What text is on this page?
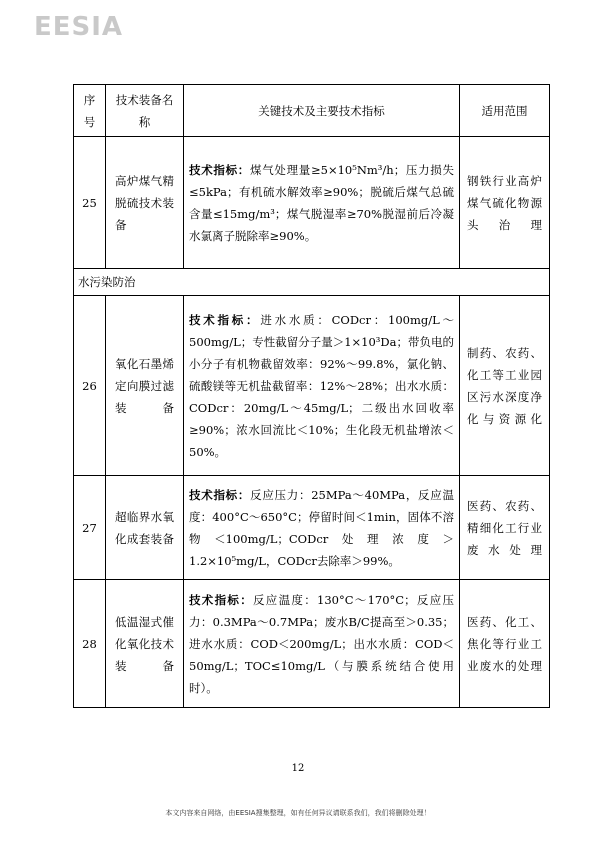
EESIA
序号	技术装备名称	关键技术及主要技术指标	适用范围
25	高炉煤气精脱硫技术装备	技术指标：煤气处理量≥5×10⁵Nm³/h；压力损失≤5kPa；有机硫水解效率≥90%；脱硫后煤气总硫含量≤15mg/m³；煤气脱湿率≥70%脱湿前后冷凝水氯离子脱除率≥90%。	钢铁行业高炉煤气硫化物源头治理
水污染防治			
26	氧化石墨烯定向膜过滤装备	技术指标：进水水质：CODcr：100mg/L～500mg/L；专性截留分子量＞1×10³Da；带负电的小分子有机物截留效率：92%～99.8%，氯化钠、硫酸镁等无机盐截留率：12%～28%；出水水质：CODcr：20mg/L～45mg/L；二级出水回收率≥90%；浓水回流比＜10%；生化段无机盐增浓＜50%。	制药、农药、化工等工业园区污水深度净化与资源化
27	超临界水氧化成套装备	技术指标：反应压力：25MPa～40MPa，反应温度：400°C～650°C；停留时间＜1min，固体不溶物＜100mg/L；CODcr处理浓度＞1.2×10⁵mg/L，CODcr去除率＞99%。	医药、农药、精细化工行业废水处理
28	低温湿式催化氧化技术装备	技术指标：反应温度：130°C～170°C；反应压力：0.3MPa～0.7MPa；废水B/C提高至＞0.35；进水水质：COD＜200mg/L；出水水质：COD＜50mg/L；TOC≤10mg/L（与膜系统结合使用时）。	医药、化工、焦化等行业工业废水的处理
12
本文内容来自网络，由EESIA搜集整理，如有任何异议请联系我们，我们将删除处理！
